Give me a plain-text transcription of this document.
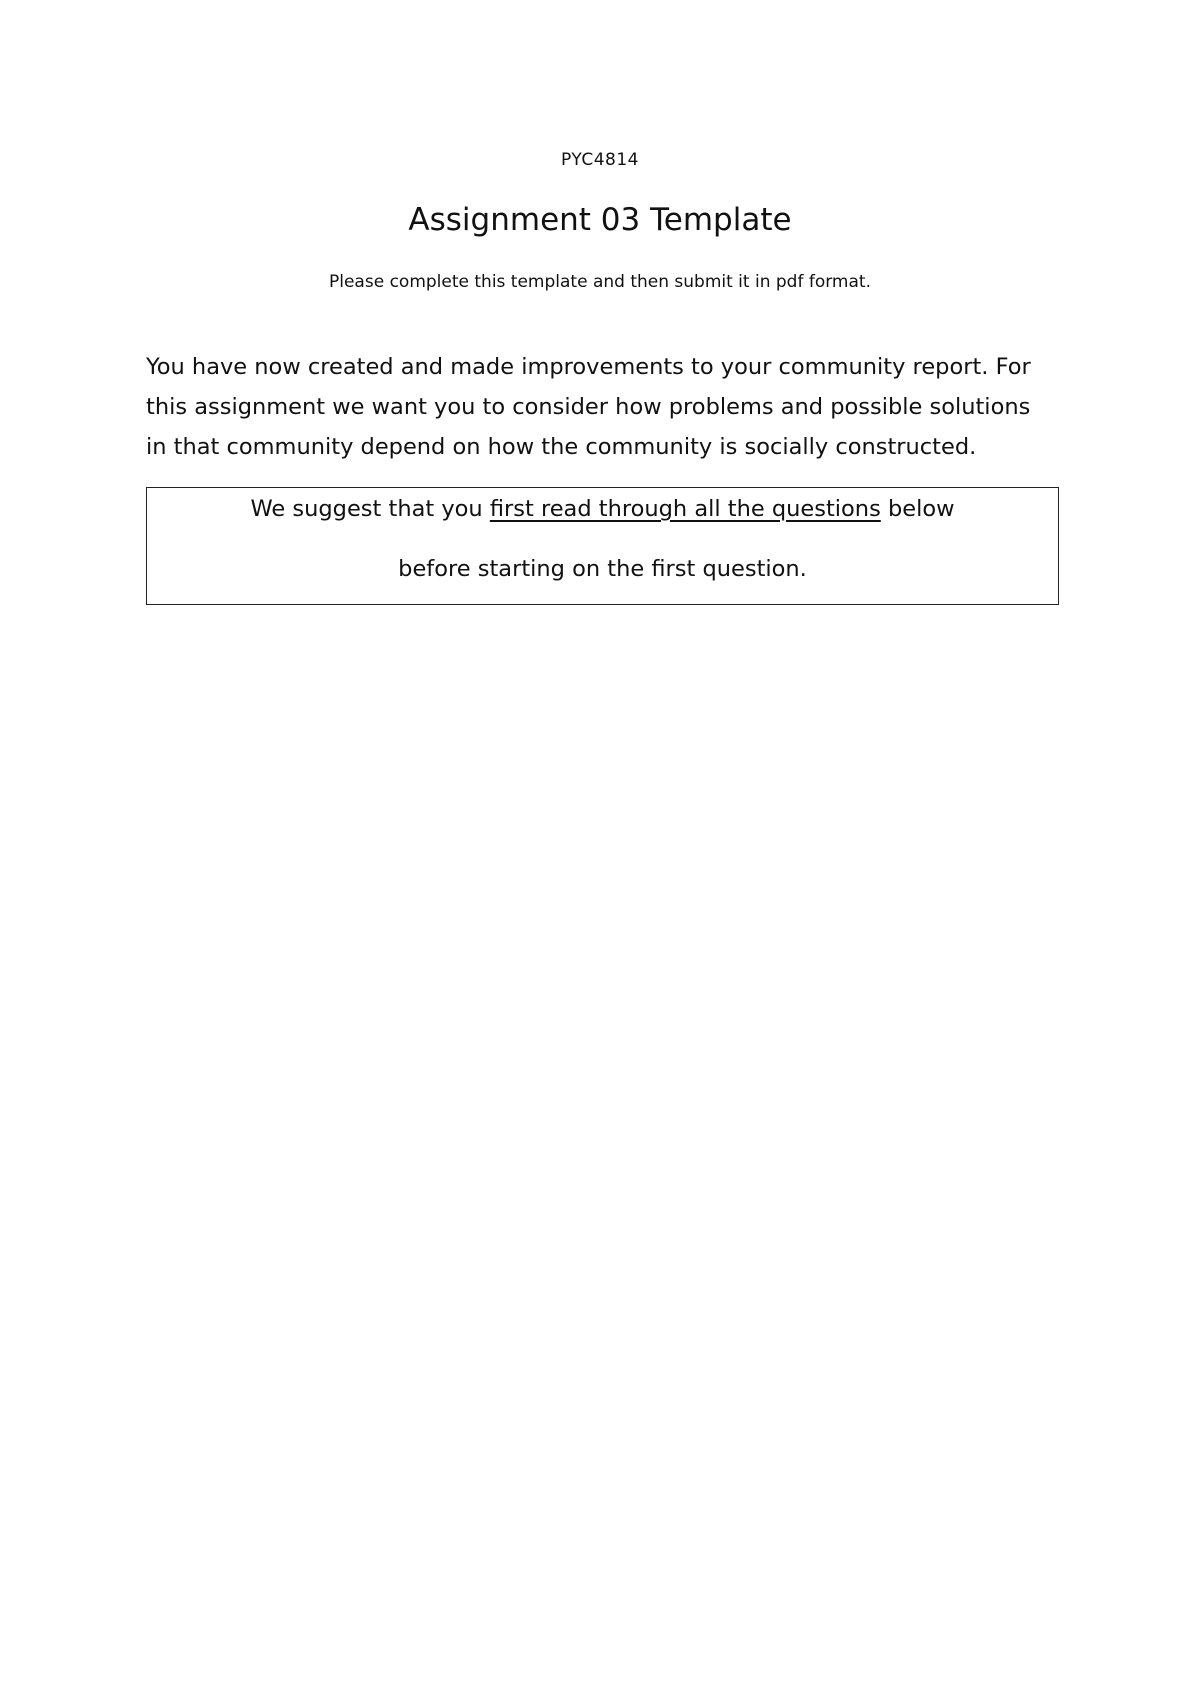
PYC4814
Assignment 03 Template
Please complete this template and then submit it in pdf format.
You have now created and made improvements to your community report. For
this assignment we want you to consider how problems and possible solutions
in that community depend on how the community is socially constructed.
We suggest that you first read through all the questions below
before starting on the first question.
